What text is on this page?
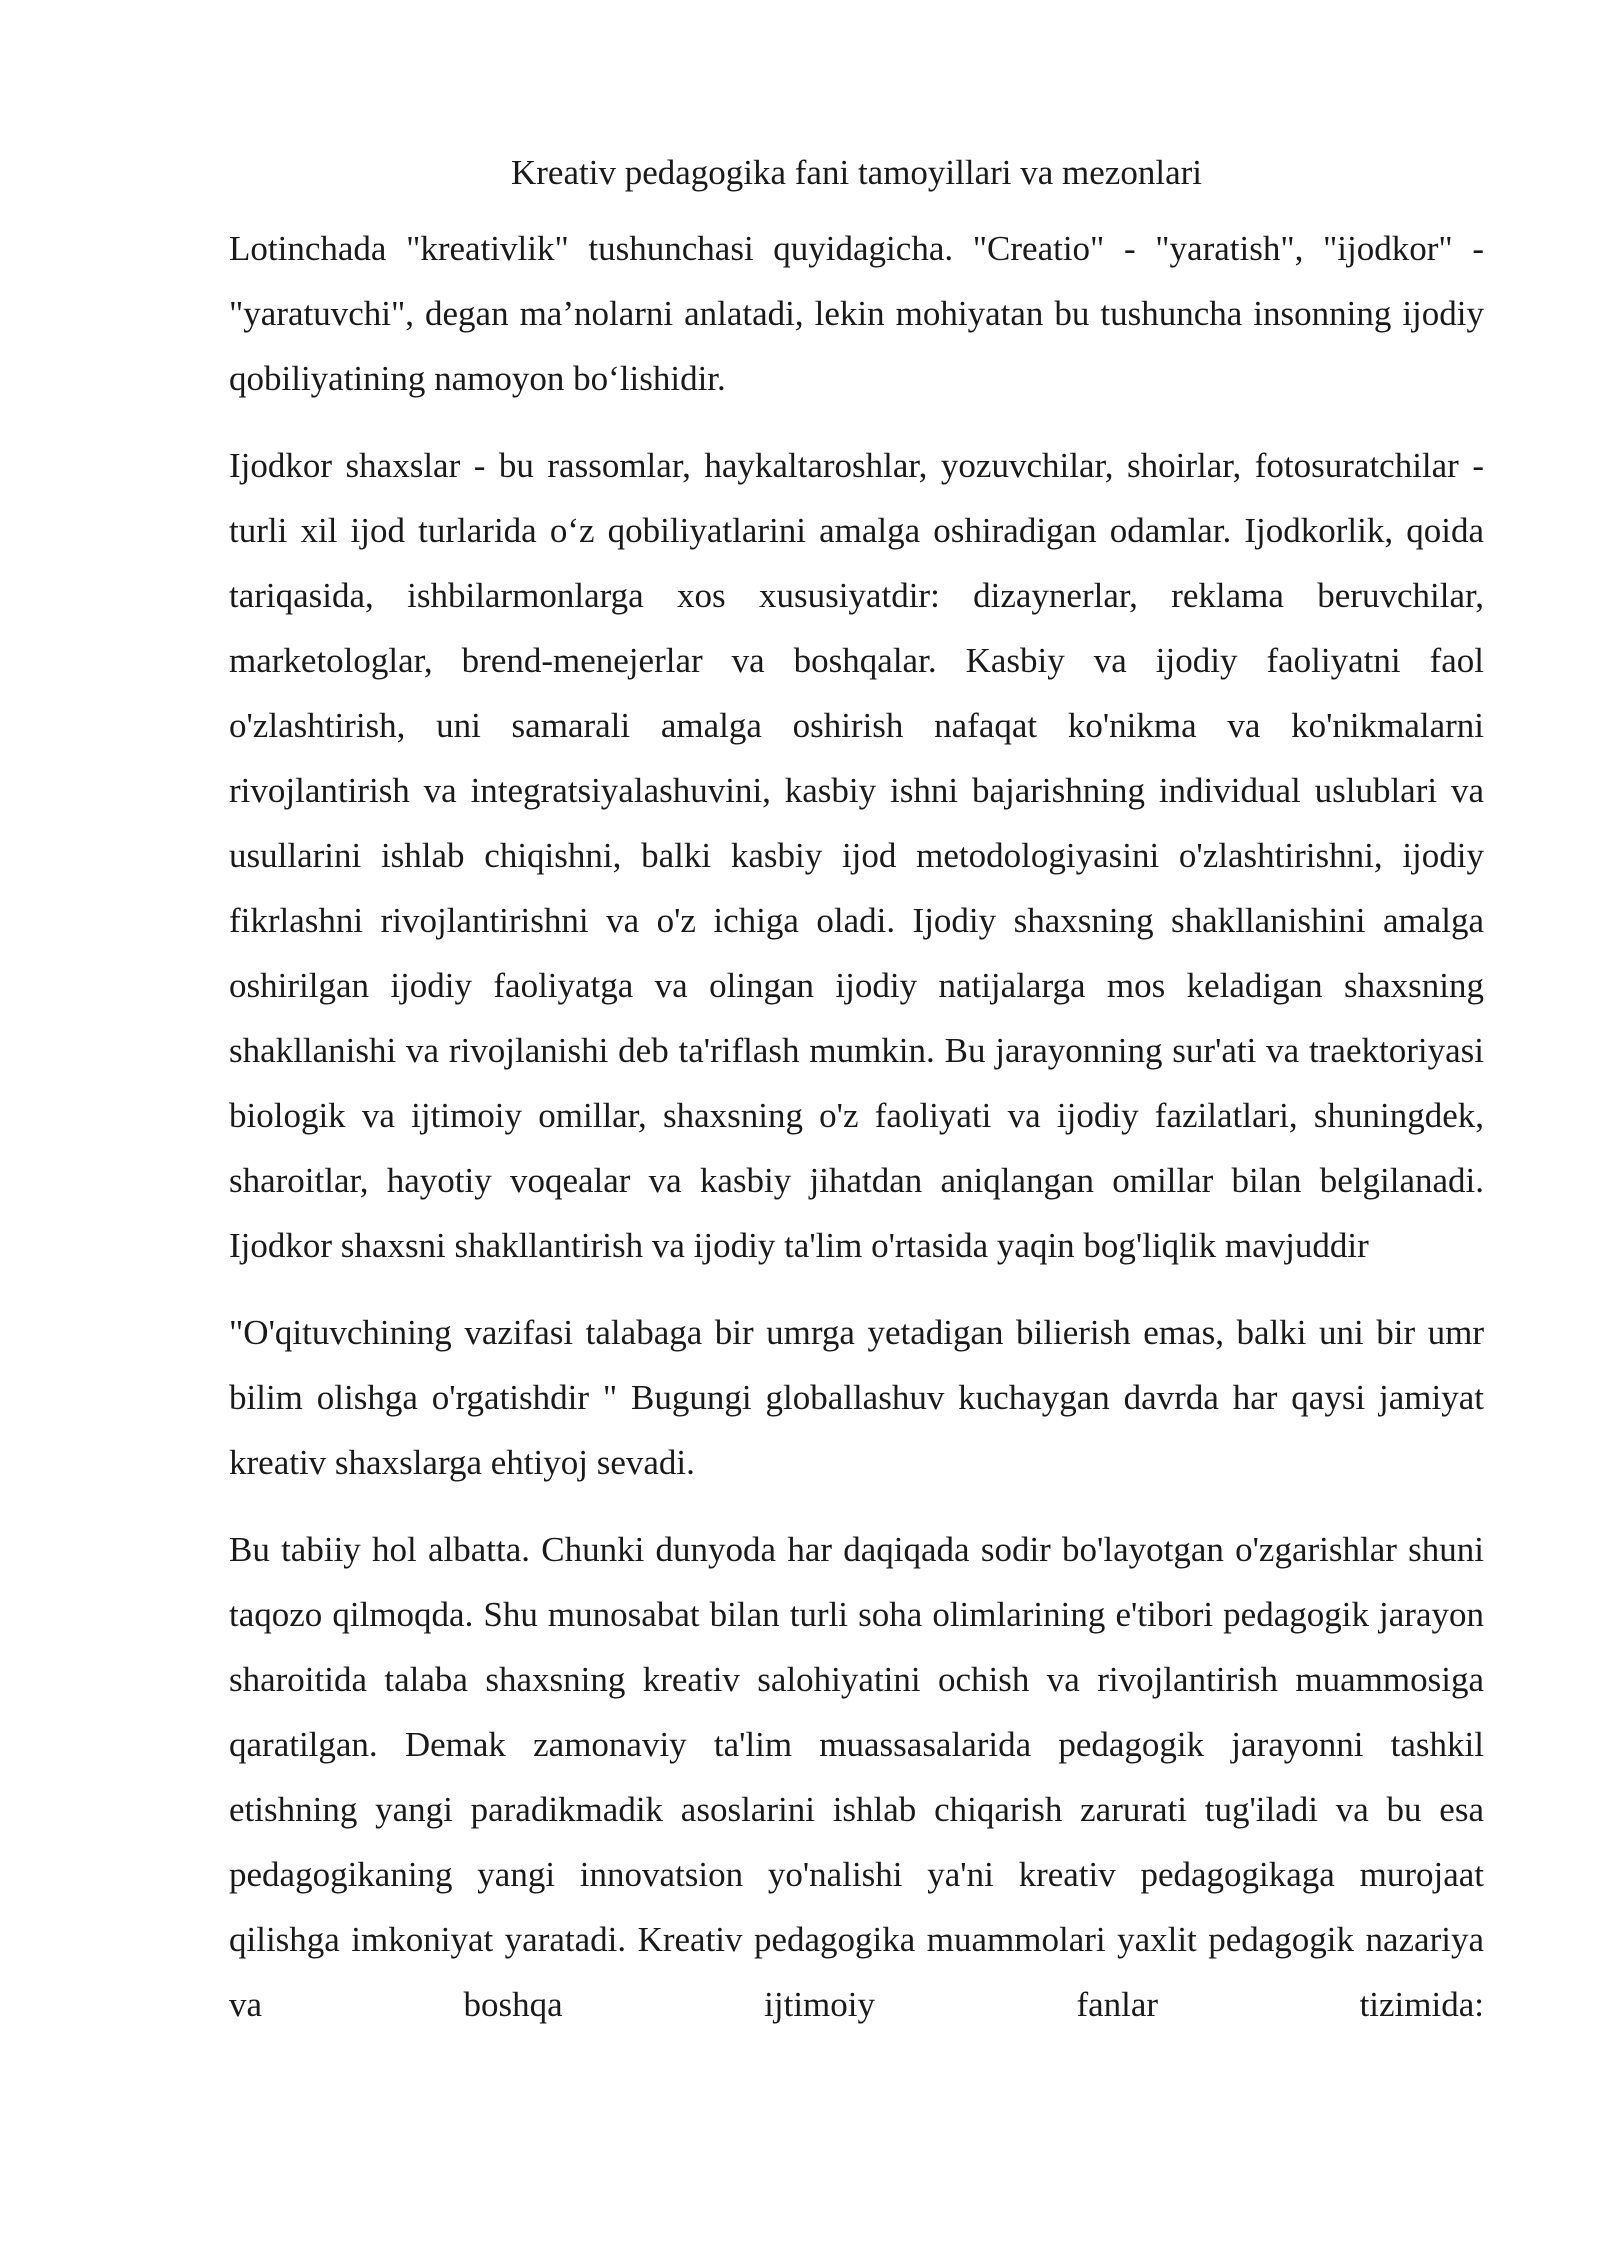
Kreativ pedagogika fani tamoyillari va mezonlari

Lotinchada "kreativlik" tushunchasi quyidagicha. "Creatio" - "yaratish", "ijodkor" - "yaratuvchi", degan ma’nolarni anlatadi, lekin mohiyatan bu tushuncha insonning ijodiy qobiliyatining namoyon bo‘lishidir.

Ijodkor shaxslar - bu rassomlar, haykaltaroshlar, yozuvchilar, shoirlar, fotosuratchilar - turli xil ijod turlarida o‘z qobiliyatlarini amalga oshiradigan odamlar. Ijodkorlik, qoida tariqasida, ishbilarmonlarga xos xususiyatdir: dizaynerlar, reklama beruvchilar, marketologlar, brend-menejerlar va boshqalar. Kasbiy va ijodiy faoliyatni faol o'zlashtirish, uni samarali amalga oshirish nafaqat ko'nikma va ko'nikmalarni rivojlantirish va integratsiyalashuvini, kasbiy ishni bajarishning individual uslublari va usullarini ishlab chiqishni, balki kasbiy ijod metodologiyasini o'zlashtirishni, ijodiy fikrlashni rivojlantirishni va o'z ichiga oladi. Ijodiy shaxsning shakllanishini amalga oshirilgan ijodiy faoliyatga va olingan ijodiy natijalarga mos keladigan shaxsning shakllanishi va rivojlanishi deb ta'riflash mumkin. Bu jarayonning sur'ati va traektoriyasi biologik va ijtimoiy omillar, shaxsning o'z faoliyati va ijodiy fazilatlari, shuningdek, sharoitlar, hayotiy voqealar va kasbiy jihatdan aniqlangan omillar bilan belgilanadi. Ijodkor shaxsni shakllantirish va ijodiy ta'lim o'rtasida yaqin bog'liqlik mavjuddir

"O'qituvchining vazifasi talabaga bir umrga yetadigan bilierish emas, balki uni bir umr bilim olishga o'rgatishdir " Bugungi globallashuv kuchaygan davrda har qaysi jamiyat kreativ shaxslarga ehtiyoj sevadi.

Bu tabiiy hol albatta. Chunki dunyoda har daqiqada sodir bo'layotgan o'zgarishlar shuni taqozo qilmoqda. Shu munosabat bilan turli soha olimlarining e'tibori pedagogik jarayon sharoitida talaba shaxsning kreativ salohiyatini ochish va rivojlantirish muammosiga qaratilgan. Demak zamonaviy ta'lim muassasalarida pedagogik jarayonni tashkil etishning yangi paradikmadik asoslarini ishlab chiqarish zarurati tug'iladi va bu esa pedagogikaning yangi innovatsion yo'nalishi ya'ni kreativ pedagogikaga murojaat qilishga imkoniyat yaratadi. Kreativ pedagogika muammolari yaxlit pedagogik nazariya va boshqa ijtimoiy fanlar tizimida:
